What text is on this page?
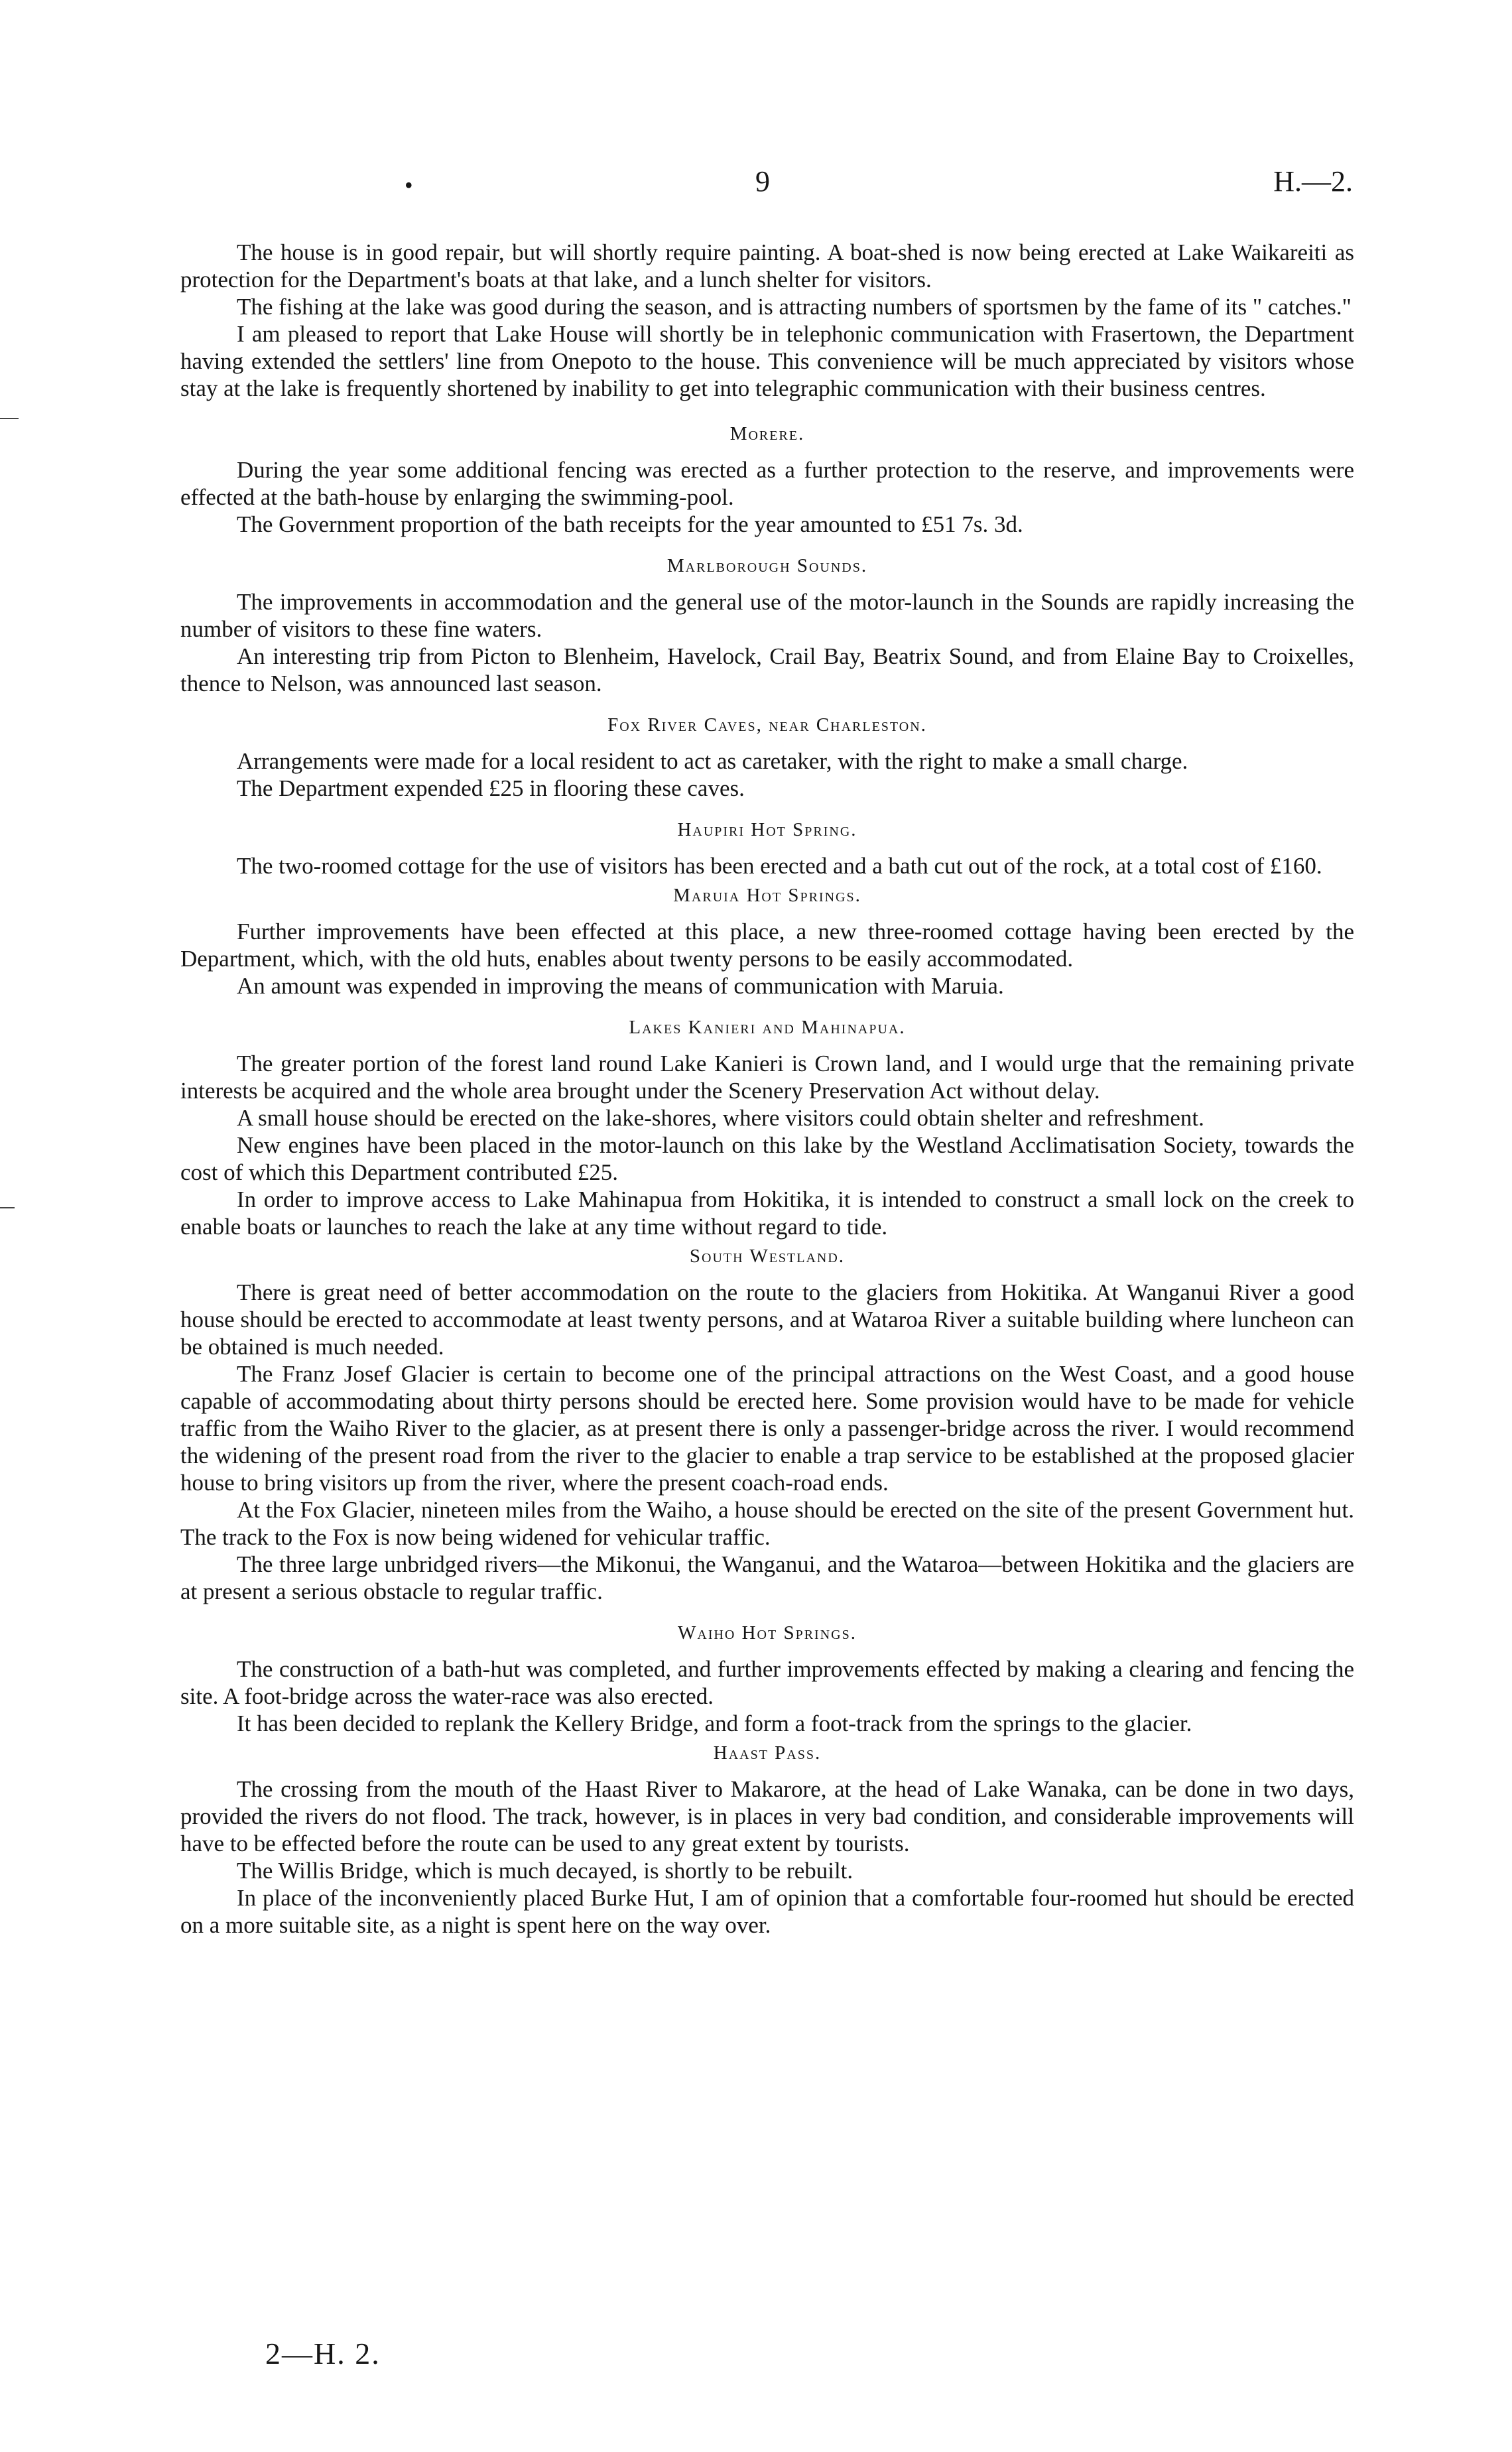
9	H.—2.
•

The house is in good repair, but will shortly require painting. A boat-shed is now being erected at Lake Waikareiti as protection for the Department's boats at that lake, and a lunch shelter for visitors.

The fishing at the lake was good during the season, and is attracting numbers of sportsmen by the fame of its " catches."

I am pleased to report that Lake House will shortly be in telephonic communication with Frasertown, the Department having extended the settlers' line from Onepoto to the house. This convenience will be much appreciated by visitors whose stay at the lake is frequently shortened by inability to get into telegraphic communication with their business centres.

Morere.

During the year some additional fencing was erected as a further protection to the reserve, and improvements were effected at the bath-house by enlarging the swimming-pool.

The Government proportion of the bath receipts for the year amounted to £51 7s. 3d.

Marlborough Sounds.

The improvements in accommodation and the general use of the motor-launch in the Sounds are rapidly increasing the number of visitors to these fine waters.

An interesting trip from Picton to Blenheim, Havelock, Crail Bay, Beatrix Sound, and from Elaine Bay to Croixelles, thence to Nelson, was announced last season.

Fox River Caves, near Charleston.

Arrangements were made for a local resident to act as caretaker, with the right to make a small charge.

The Department expended £25 in flooring these caves.

Haupiri Hot Spring.

The two-roomed cottage for the use of visitors has been erected and a bath cut out of the rock, at a total cost of £160.

Maruia Hot Springs.

Further improvements have been effected at this place, a new three-roomed cottage having been erected by the Department, which, with the old huts, enables about twenty persons to be easily accommodated.

An amount was expended in improving the means of communication with Maruia.

Lakes Kanieri and Mahinapua.

The greater portion of the forest land round Lake Kanieri is Crown land, and I would urge that the remaining private interests be acquired and the whole area brought under the Scenery Preservation Act without delay.

A small house should be erected on the lake-shores, where visitors could obtain shelter and refreshment.

New engines have been placed in the motor-launch on this lake by the Westland Acclimatisation Society, towards the cost of which this Department contributed £25.

In order to improve access to Lake Mahinapua from Hokitika, it is intended to construct a small lock on the creek to enable boats or launches to reach the lake at any time without regard to tide.

South Westland.

There is great need of better accommodation on the route to the glaciers from Hokitika. At Wanganui River a good house should be erected to accommodate at least twenty persons, and at Wataroa River a suitable building where luncheon can be obtained is much needed.

The Franz Josef Glacier is certain to become one of the principal attractions on the West Coast, and a good house capable of accommodating about thirty persons should be erected here. Some provision would have to be made for vehicle traffic from the Waiho River to the glacier, as at present there is only a passenger-bridge across the river. I would recommend the widening of the present road from the river to the glacier to enable a trap service to be established at the proposed glacier house to bring visitors up from the river, where the present coach-road ends.

At the Fox Glacier, nineteen miles from the Waiho, a house should be erected on the site of the present Government hut. The track to the Fox is now being widened for vehicular traffic.

The three large unbridged rivers—the Mikonui, the Wanganui, and the Wataroa—between Hokitika and the glaciers are at present a serious obstacle to regular traffic.

Waiho Hot Springs.

The construction of a bath-hut was completed, and further improvements effected by making a clearing and fencing the site. A foot-bridge across the water-race was also erected.

It has been decided to replank the Kellery Bridge, and form a foot-track from the springs to the glacier.

Haast Pass.

The crossing from the mouth of the Haast River to Makarore, at the head of Lake Wanaka, can be done in two days, provided the rivers do not flood. The track, however, is in places in very bad condition, and considerable improvements will have to be effected before the route can be used to any great extent by tourists.

The Willis Bridge, which is much decayed, is shortly to be rebuilt.

In place of the inconveniently placed Burke Hut, I am of opinion that a comfortable four-roomed hut should be erected on a more suitable site, as a night is spent here on the way over.

2—H. 2.
